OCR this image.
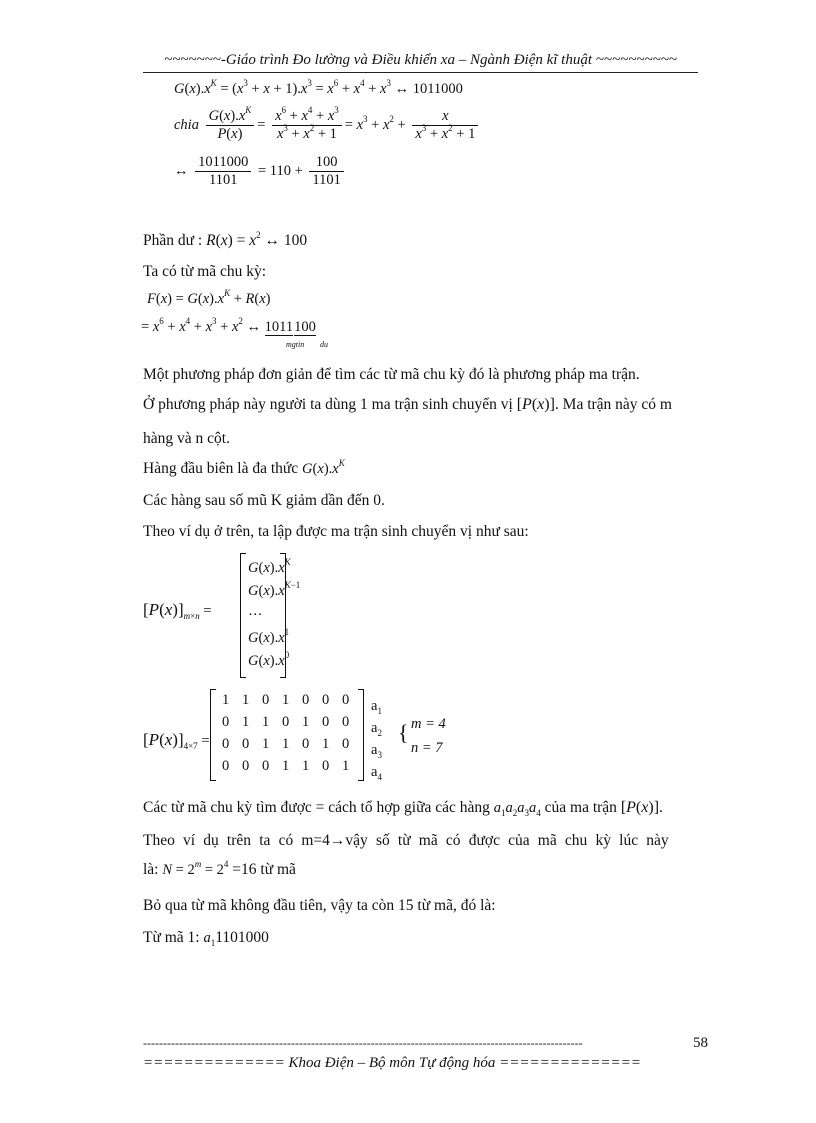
~~~~~~~-Giáo trình Đo lường và Điều khiển xa – Ngành Điện kĩ thuật ~~~~~~~~~~
$G(x).x^K = (x^3 + x + 1).x^3 = x^6 + x^4 + x^3$ ↔ 1011000
chia $\frac{G(x).x^K}{P(x)} = \frac{x^6 + x^4 + x^3}{x^3 + x^2 + 1} = x^3 + x^2 + \frac{x}{x^3 + x^2 + 1}$
↔ $\frac{1011000}{1101} = 110 + \frac{100}{1101}$
Phần dư : $R(x) = x^2$ ↔ 100
Ta có từ mã chu kỳ:
$F(x) = G(x).x^K + R(x)$
= $x^6 + x^4 + x^3 + x^2$ ↔ 1011100
mgtin du
Một phương pháp đơn giản để tìm các từ mã chu kỳ đó là phương pháp ma trận.
Ở phương pháp này người ta dùng 1 ma trận sinh chuyển vị [P(x)]. Ma trận này có m
hàng và n cột.
Hàng đầu biên là đa thức $G(x).x^K$
Các hàng sau số mũ K giảm dần đến 0.
Theo ví dụ ở trên, ta lập được ma trận sinh chuyển vị như sau:
$[P(x)]_{m\times n}$ =
$G(x).x^K$
$G(x).x^{K-1}$
···
$G(x).x^1$
$G(x).x^0$
$[P(x)]_{4\times 7}$ =
1 1 0 1 0 0 0 $a_1$
0 1 1 0 1 0 0 $a_2$
0 0 1 1 0 1 0 $a_3$
0 0 0 1 1 0 1 $a_4$
{ m = 4
n = 7
Các từ mã chu kỳ tìm được = cách tổ hợp giữa các hàng $a_1a_2a_3a_4$ của ma trận [P(x)].
Theo ví dụ trên ta có m=4→vậy số từ mã có được của mã chu kỳ lúc này
là: $N = 2^m = 2^4 =16$ từ mã
Bỏ qua từ mã không đầu tiên, vậy ta còn 15 từ mã, đó là:
Từ mã 1: $a_11101000$
--------------------------------------------------------------------------------------------------------------	58
============== Khoa Điện – Bộ môn Tự động hóa ==============
